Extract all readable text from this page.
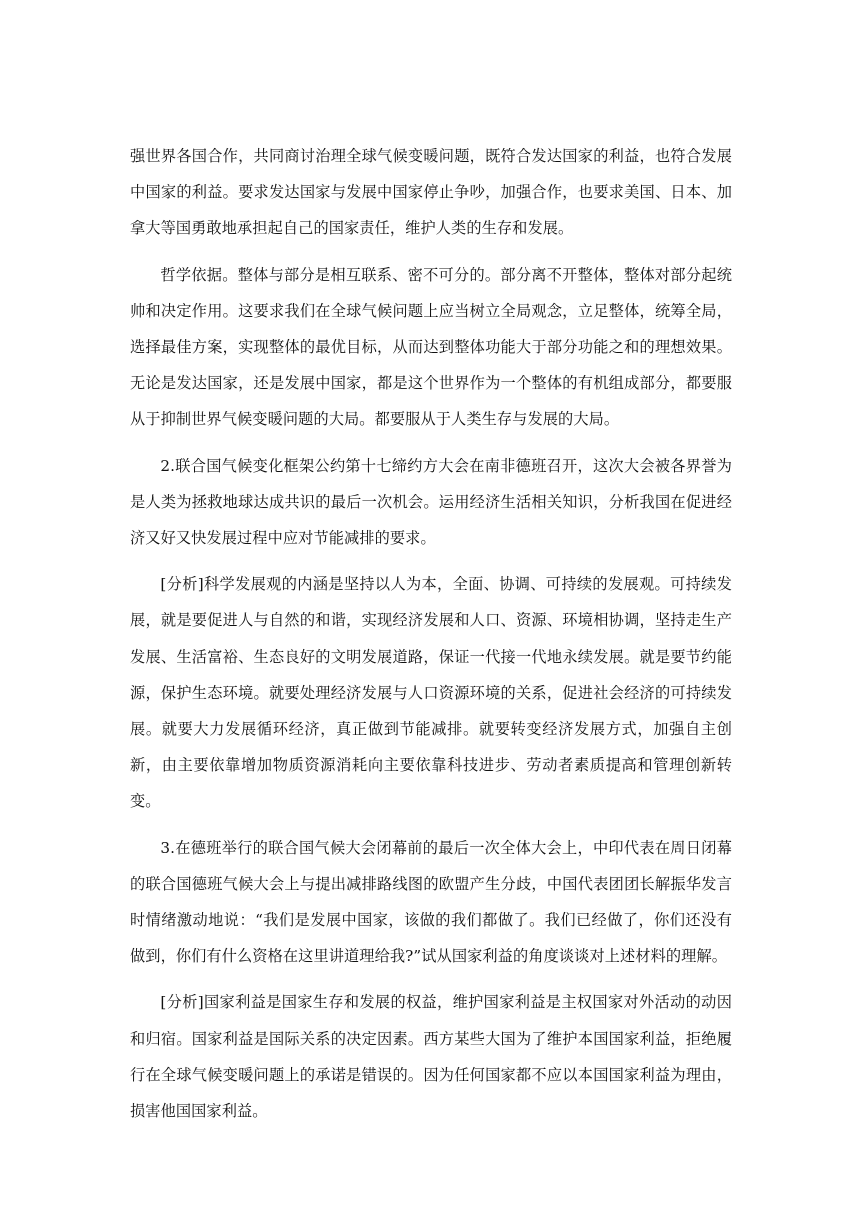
强世界各国合作，共同商讨治理全球气候变暖问题，既符合发达国家的利益，也符合发展中国家的利益。要求发达国家与发展中国家停止争吵，加强合作，也要求美国、日本、加拿大等国勇敢地承担起自己的国家责任，维护人类的生存和发展。

哲学依据。整体与部分是相互联系、密不可分的。部分离不开整体，整体对部分起统帅和决定作用。这要求我们在全球气候问题上应当树立全局观念，立足整体，统筹全局，选择最佳方案，实现整体的最优目标，从而达到整体功能大于部分功能之和的理想效果。无论是发达国家，还是发展中国家，都是这个世界作为一个整体的有机组成部分，都要服从于抑制世界气候变暖问题的大局。都要服从于人类生存与发展的大局。

2.联合国气候变化框架公约第十七缔约方大会在南非德班召开，这次大会被各界誉为是人类为拯救地球达成共识的最后一次机会。运用经济生活相关知识，分析我国在促进经济又好又快发展过程中应对节能减排的要求。

[分析]科学发展观的内涵是坚持以人为本，全面、协调、可持续的发展观。可持续发展，就是要促进人与自然的和谐，实现经济发展和人口、资源、环境相协调，坚持走生产发展、生活富裕、生态良好的文明发展道路，保证一代接一代地永续发展。就是要节约能源，保护生态环境。就要处理经济发展与人口资源环境的关系，促进社会经济的可持续发展。就要大力发展循环经济，真正做到节能减排。就要转变经济发展方式，加强自主创新，由主要依靠增加物质资源消耗向主要依靠科技进步、劳动者素质提高和管理创新转变。

3.在德班举行的联合国气候大会闭幕前的最后一次全体大会上，中印代表在周日闭幕的联合国德班气候大会上与提出减排路线图的欧盟产生分歧，中国代表团团长解振华发言时情绪激动地说：“我们是发展中国家，该做的我们都做了。我们已经做了，你们还没有做到，你们有什么资格在这里讲道理给我?”试从国家利益的角度谈谈对上述材料的理解。

[分析]国家利益是国家生存和发展的权益，维护国家利益是主权国家对外活动的动因和归宿。国家利益是国际关系的决定因素。西方某些大国为了维护本国国家利益，拒绝履行在全球气候变暖问题上的承诺是错误的。因为任何国家都不应以本国国家利益为理由，损害他国国家利益。
